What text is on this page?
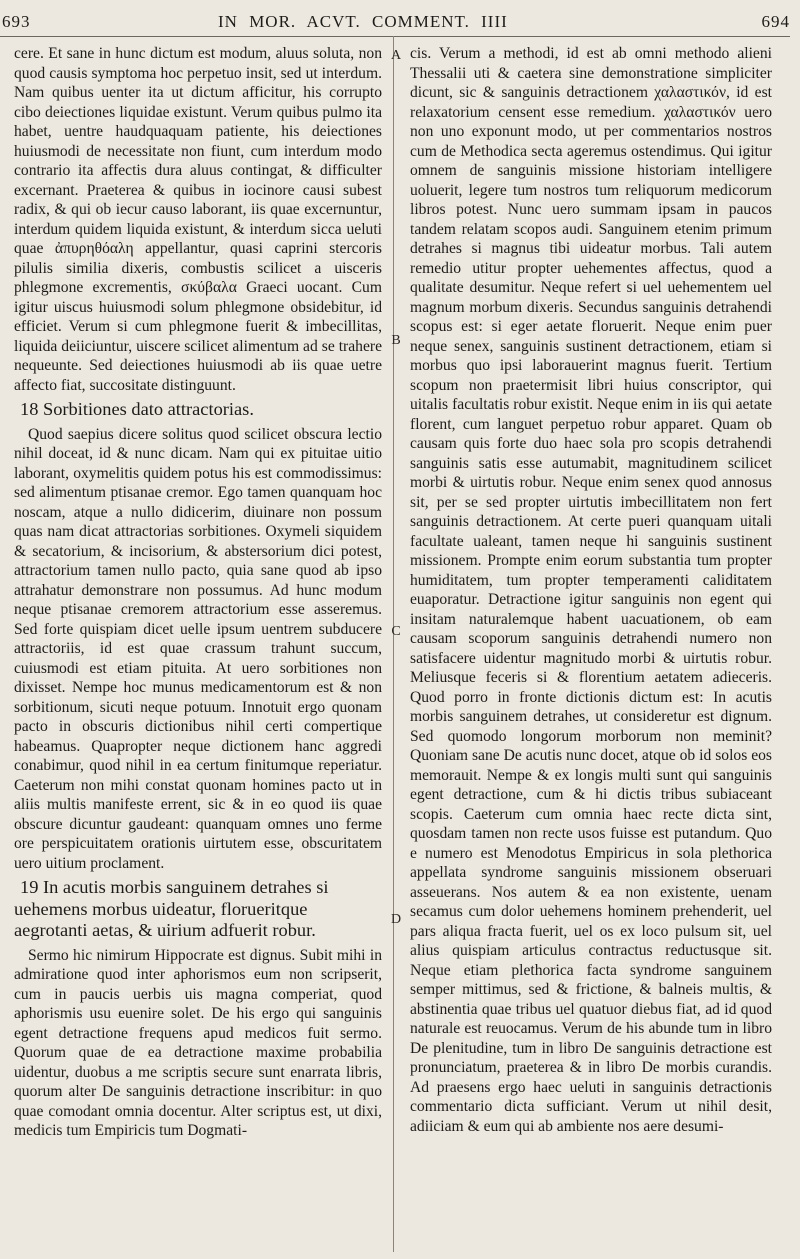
693	IN MOR. ACVT. COMMENT. IIII	694
A
B
C
D

cere. Et sane in hunc dictum est modum, aluus soluta, non quod causis symptoma hoc perpetuo insit, sed ut interdum. Nam quibus uenter ita ut dictum afficitur, his corrupto cibo deiectiones liquidae existunt. Verum quibus pulmo ita habet, uentre haudquaquam patiente, his deiectiones huiusmodi de necessitate non fiunt, cum interdum modo contrario ita affectis dura aluus contingat, & difficulter excernant. Praeterea & quibus in iocinore causi subest radix, & qui ob iecur causo laborant, iis quae excernuntur, interdum quidem liquida existunt, & interdum sicca ueluti quae ἀπυρηθόαλη appellantur, quasi caprini stercoris pilulis similia dixeris, combustis scilicet a uisceris phlegmone excrementis, σκύβαλα Graeci uocant. Cum igitur uiscus huiusmodi solum phlegmone obsidebitur, id efficiet. Verum si cum phlegmone fuerit & imbecillitas, liquida deiiciuntur, uiscere scilicet alimentum ad se trahere nequeunte. Sed deiectiones huiusmodi ab iis quae uetre affecto fiat, succositate distinguunt.

18 Sorbitiones dato attractorias.

Quod saepius dicere solitus quod scilicet obscura lectio nihil doceat, id & nunc dicam. Nam qui ex pituitae uitio laborant, oxymelitis quidem potus his est commodissimus: sed alimentum ptisanae cremor. Ego tamen quanquam hoc noscam, atque a nullo didicerim, diuinare non possum quas nam dicat attractorias sorbitiones. Oxymeli siquidem & secatorium, & incisorium, & abstersorium dici potest, attractorium tamen nullo pacto, quia sane quod ab ipso attrahatur demonstrare non possumus. Ad hunc modum neque ptisanae cremorem attractorium esse asseremus. Sed forte quispiam dicet uelle ipsum uentrem subducere attractoriis, id est quae crassum trahunt succum, cuiusmodi est etiam pituita. At uero sorbitiones non dixisset. Nempe hoc munus medicamentorum est & non sorbitionum, sicuti neque potuum. Innotuit ergo quonam pacto in obscuris dictionibus nihil certi compertique habeamus. Quapropter neque dictionem hanc aggredi conabimur, quod nihil in ea certum finitumque reperiatur. Caeterum non mihi constat quonam homines pacto ut in aliis multis manifeste errent, sic & in eo quod iis quae obscure dicuntur gaudeant: quanquam omnes uno ferme ore perspicuitatem orationis uirtutem esse, obscuritatem uero uitium proclament.

19 In acutis morbis sanguinem detrahes si uehemens morbus uideatur, florueritque aegrotanti aetas, & uirium adfuerit robur.

Sermo hic nimirum Hippocrate est dignus. Subit mihi in admiratione quod inter aphorismos eum non scripserit, cum in paucis uerbis uis magna comperiat, quod aphorismis usu euenire solet. De his ergo qui sanguinis egent detractione frequens apud medicos fuit sermo. Quorum quae de ea detractione maxime probabilia uidentur, duobus a me scriptis secure sunt enarrata libris, quorum alter De sanguinis detractione inscribitur: in quo quae comodant omnia docentur. Alter scriptus est, ut dixi, medicis tum Empiricis tum Dogmati-

cis. Verum a methodi, id est ab omni methodo alieni Thessalii uti & caetera sine demonstratione simpliciter dicunt, sic & sanguinis detractionem χαλαστικόν, id est relaxatorium censent esse remedium. χαλαστικόν uero non uno exponunt modo, ut per commentarios nostros cum de Methodica secta ageremus ostendimus. Qui igitur omnem de sanguinis missione historiam intelligere uoluerit, legere tum nostros tum reliquorum medicorum libros potest. Nunc uero summam ipsam in paucos tandem relatam scopos audi. Sanguinem etenim primum detrahes si magnus tibi uideatur morbus. Tali autem remedio utitur propter uehementes affectus, quod a qualitate desumitur. Neque refert si uel uehementem uel magnum morbum dixeris. Secundus sanguinis detrahendi scopus est: si eger aetate floruerit. Neque enim puer neque senex, sanguinis sustinent detractionem, etiam si morbus quo ipsi laborauerint magnus fuerit. Tertium scopum non praetermisit libri huius conscriptor, qui uitalis facultatis robur existit. Neque enim in iis qui aetate florent, cum languet perpetuo robur apparet. Quam ob causam quis forte duo haec sola pro scopis detrahendi sanguinis satis esse autumabit, magnitudinem scilicet morbi & uirtutis robur. Neque enim senex quod annosus sit, per se sed propter uirtutis imbecillitatem non fert sanguinis detractionem. At certe pueri quanquam uitali facultate ualeant, tamen neque hi sanguinis sustinent missionem. Prompte enim eorum substantia tum propter humiditatem, tum propter temperamenti caliditatem euaporatur. Detractione igitur sanguinis non egent qui insitam naturalemque habent uacuationem, ob eam causam scoporum sanguinis detrahendi numero non satisfacere uidentur magnitudo morbi & uirtutis robur. Meliusque feceris si & florentium aetatem adieceris. Quod porro in fronte dictionis dictum est: In acutis morbis sanguinem detrahes, ut consideretur est dignum. Sed quomodo longorum morborum non meminit? Quoniam sane De acutis nunc docet, atque ob id solos eos memorauit. Nempe & ex longis multi sunt qui sanguinis egent detractione, cum & hi dictis tribus subiaceant scopis. Caeterum cum omnia haec recte dicta sint, quosdam tamen non recte usos fuisse est putandum. Quo e numero est Menodotus Empiricus in sola plethorica appellata syndrome sanguinis missionem obseruari asseuerans. Nos autem & ea non existente, uenam secamus cum dolor uehemens hominem prehenderit, uel pars aliqua fracta fuerit, uel os ex loco pulsum sit, uel alius quispiam articulus contractus reductusque sit. Neque etiam plethorica facta syndrome sanguinem semper mittimus, sed & frictione, & balneis multis, & abstinentia quae tribus uel quatuor diebus fiat, ad id quod naturale est reuocamus. Verum de his abunde tum in libro De plenitudine, tum in libro De sanguinis detractione est pronunciatum, praeterea & in libro De morbis curandis. Ad praesens ergo haec ueluti in sanguinis detractionis commentario dicta sufficiant. Verum ut nihil desit, adiiciam & eum qui ab ambiente nos aere desumi-
